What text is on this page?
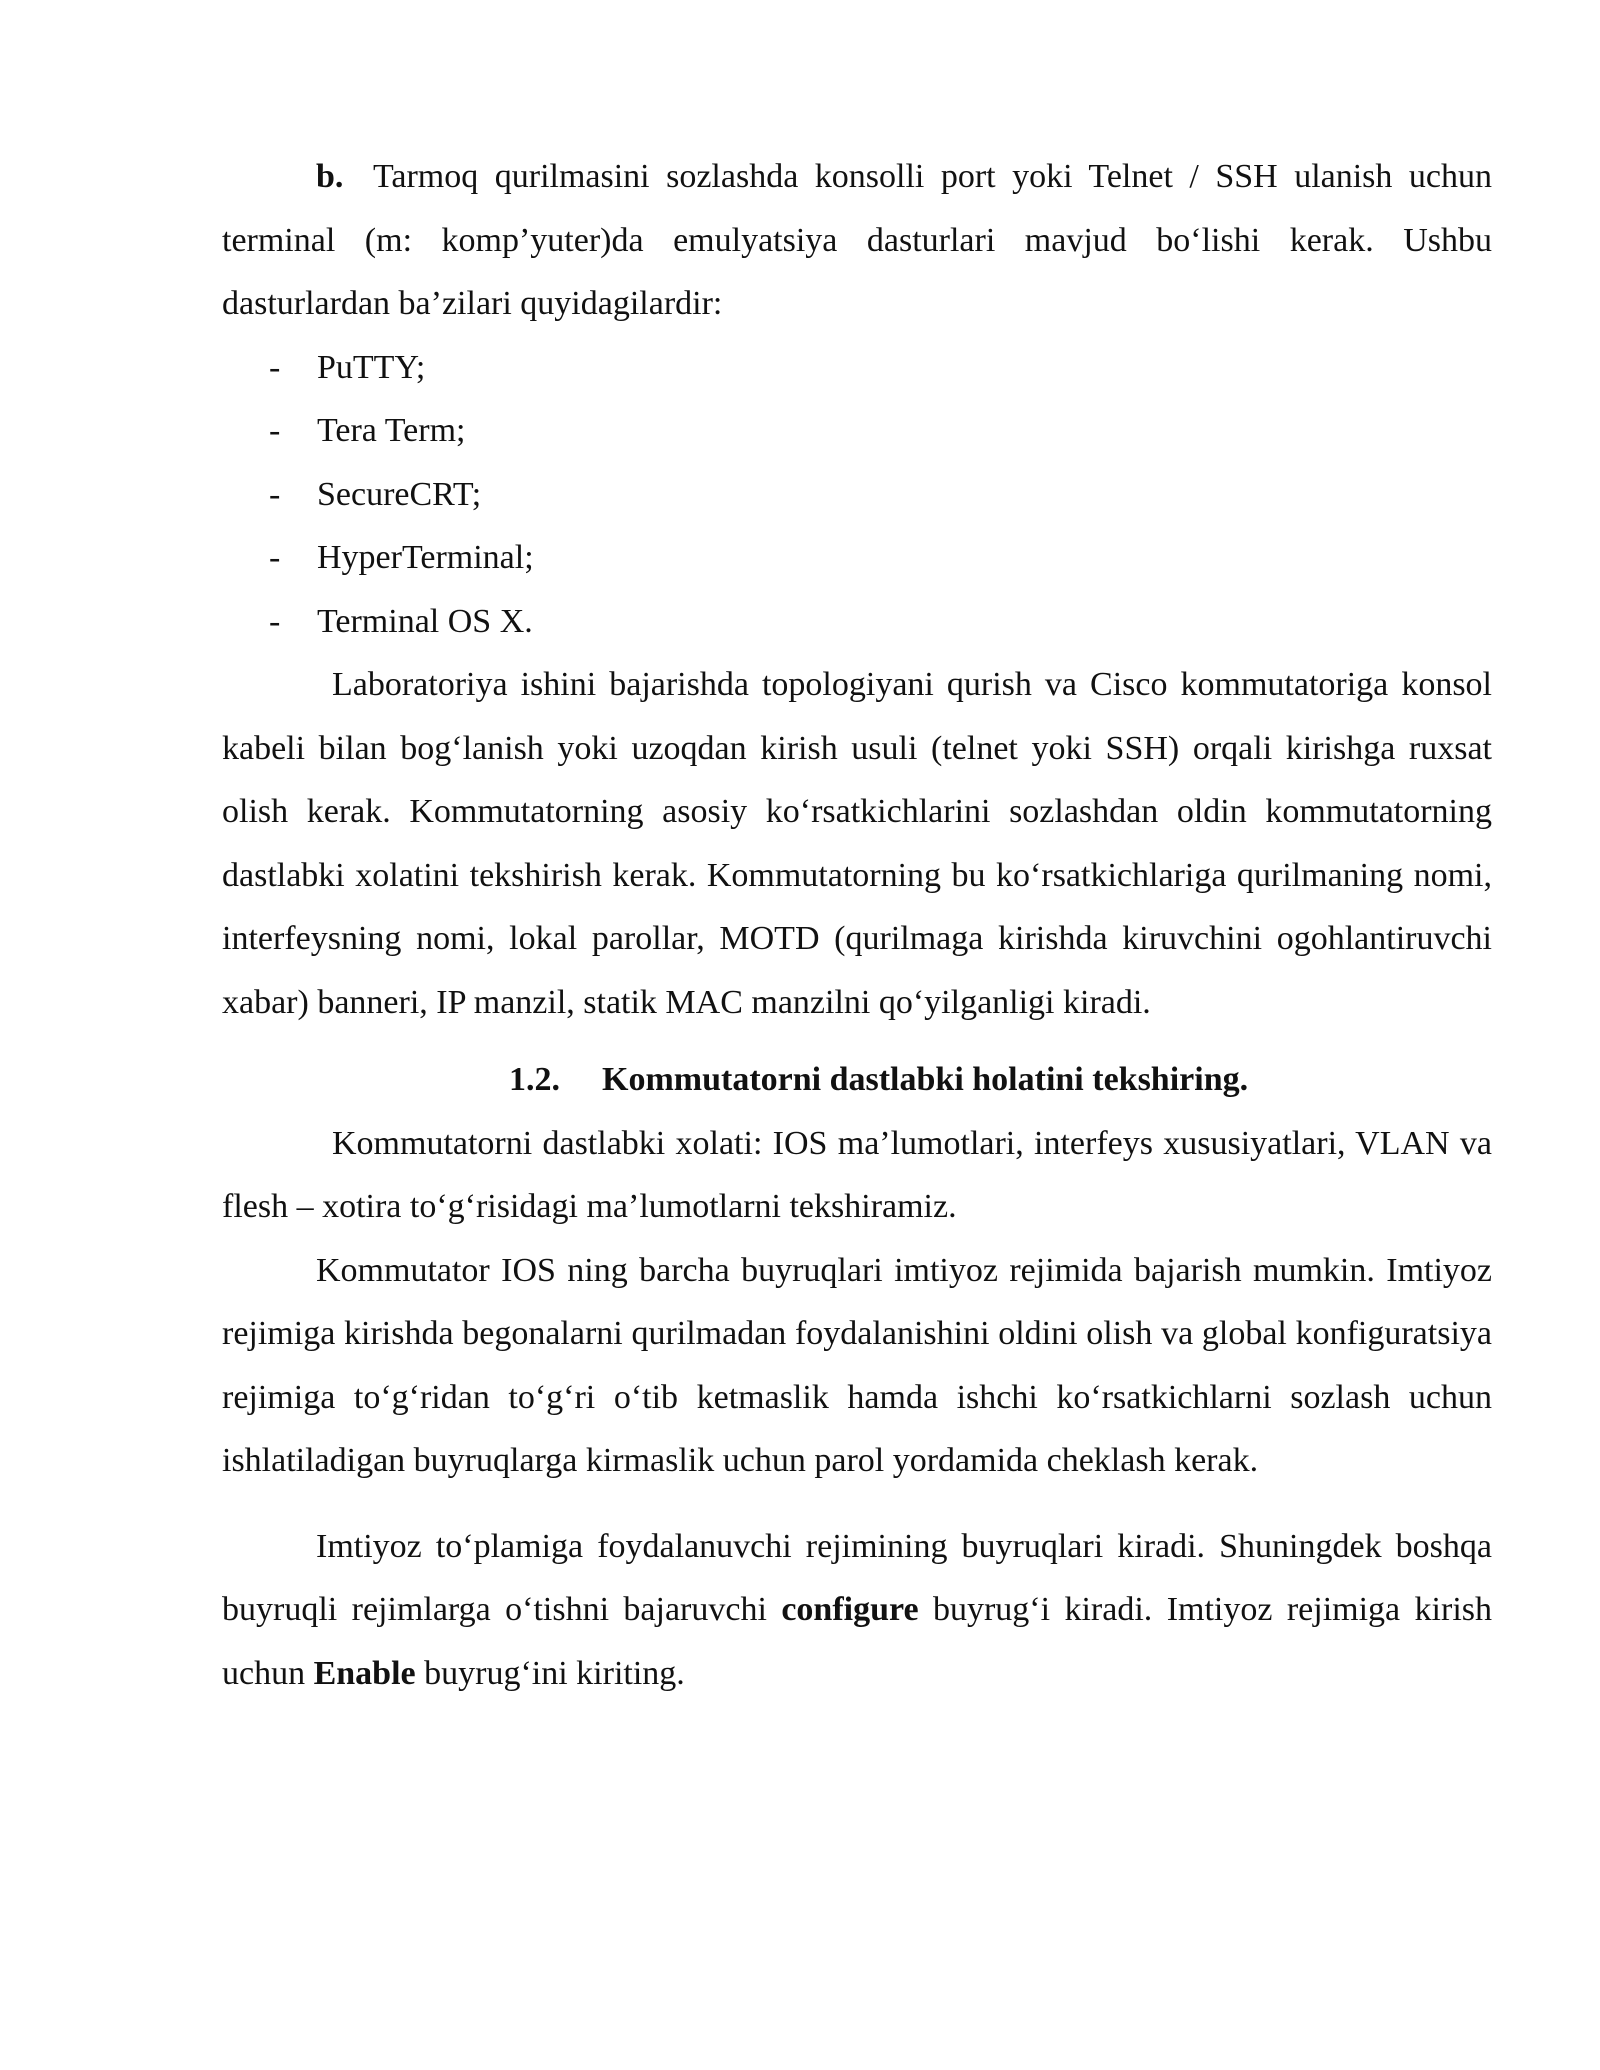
b. Tarmoq qurilmasini sozlashda konsolli port yoki Telnet / SSH ulanish uchun terminal (m: komp’yuter)da emulyatsiya dasturlari mavjud bo‘lishi kerak. Ushbu dasturlardan ba’zilari quyidagilardir:

- PuTTY;
- Tera Term;
- SecureCRT;
- HyperTerminal;
- Terminal OS X.

Laboratoriya ishini bajarishda topologiyani qurish va Cisco kommutatoriga konsol kabeli bilan bog‘lanish yoki uzoqdan kirish usuli (telnet yoki SSH) orqali kirishga ruxsat olish kerak. Kommutatorning asosiy ko‘rsatkichlarini sozlashdan oldin kommutatorning dastlabki xolatini tekshirish kerak. Kommutatorning bu ko‘rsatkichlariga qurilmaning nomi, interfeysning nomi, lokal parollar, MOTD (qurilmaga kirishda kiruvchini ogohlantiruvchi xabar) banneri, IP manzil, statik MAC manzilni qo‘yilganligi kiradi.

1.2. Kommutatorni dastlabki holatini tekshiring.

Kommutatorni dastlabki xolati: IOS ma’lumotlari, interfeys xususiyatlari, VLAN va flesh – xotira to‘g‘risidagi ma’lumotlarni tekshiramiz.

Kommutator IOS ning barcha buyruqlari imtiyoz rejimida bajarish mumkin. Imtiyoz rejimiga kirishda begonalarni qurilmadan foydalanishini oldini olish va global konfiguratsiya rejimiga to‘g‘ridan to‘g‘ri o‘tib ketmaslik hamda ishchi ko‘rsatkichlarni sozlash uchun ishlatiladigan buyruqlarga kirmaslik uchun parol yordamida cheklash kerak.

Imtiyoz to‘plamiga foydalanuvchi rejimining buyruqlari kiradi. Shuningdek boshqa buyruqli rejimlarga o‘tishni bajaruvchi configure buyrug‘i kiradi. Imtiyoz rejimiga kirish uchun Enable buyrug‘ini kiriting.
